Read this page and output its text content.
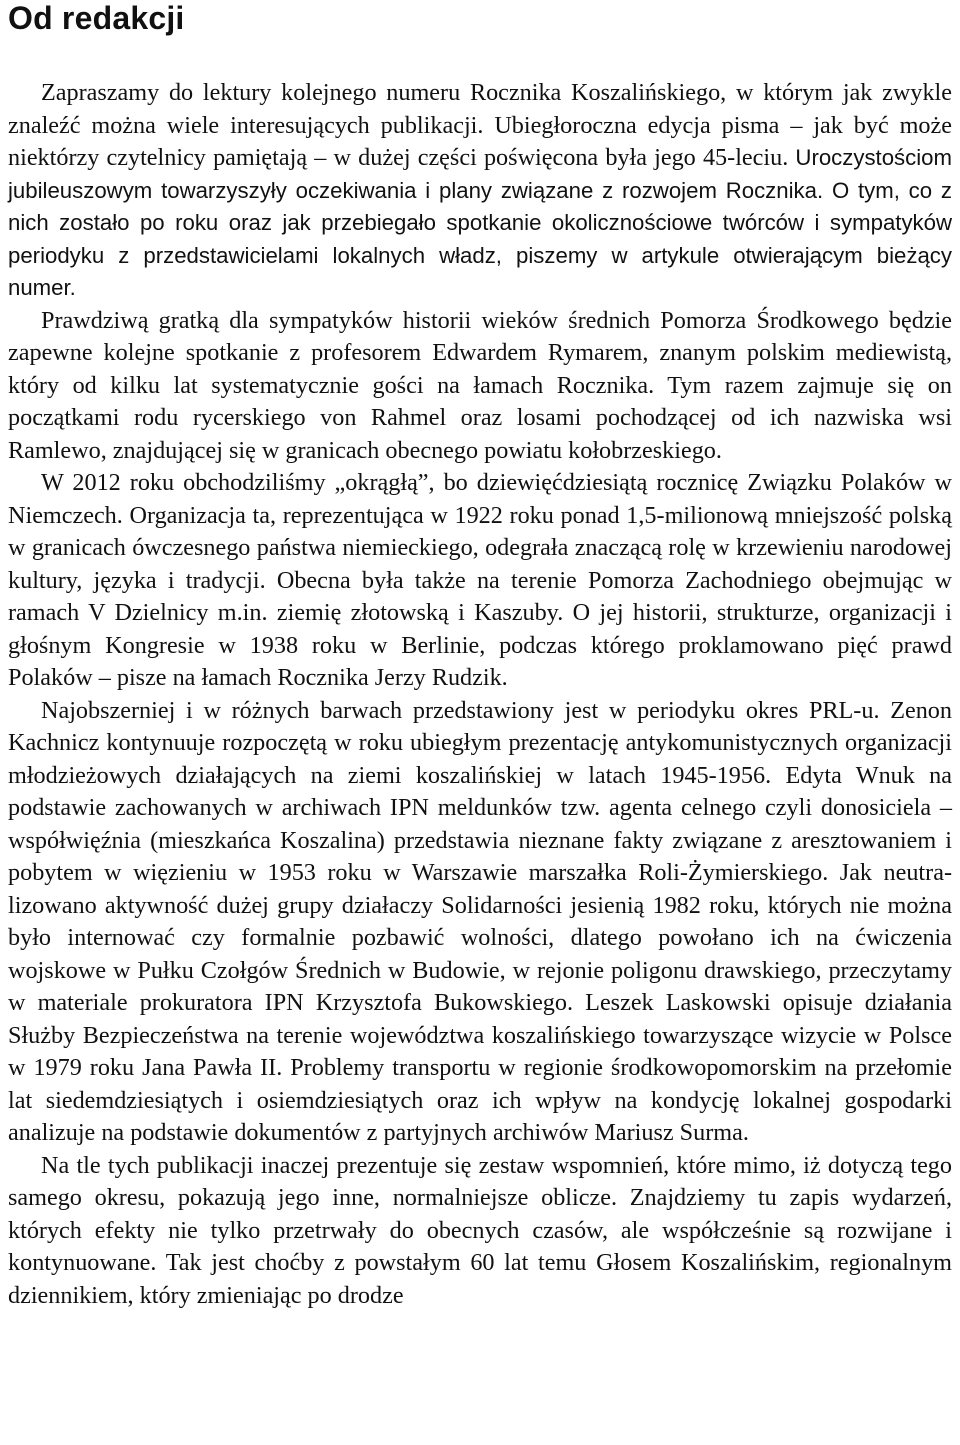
Od redakcji

Zapraszamy do lektury kolejnego numeru Rocznika Koszalińskiego, w którym jak zwykle znaleźć można wiele interesujących publikacji. Ubiegłoroczna edycja pisma – jak być może niektórzy czytelnicy pamiętają – w dużej części poświęcona była jego 45-leciu. Uroczystościom jubileuszowym towarzyszyły oczekiwania i plany związane z rozwojem Rocznika. O tym, co z nich zostało po roku oraz jak przebiegało spotkanie okolicznościowe twórców i sympatyków periodyku z przedstawicielami lokalnych władz, piszemy w artykule otwierającym bieżący numer.

Prawdziwą gratką dla sympatyków historii wieków średnich Pomorza Środkowego będzie zapewne kolejne spotkanie z profesorem Edwardem Rymarem, znanym polskim mediewistą, który od kilku lat systematycznie gości na łamach Rocznika. Tym razem zajmuje się on początkami rodu rycerskiego von Rahmel oraz losami pochodzącej od ich nazwiska wsi Ramlewo, znajdującej się w granicach obecnego powiatu kołobrzeskiego.

W 2012 roku obchodziliśmy „okrągłą”, bo dziewięćdziesiątą rocznicę Związku Polaków w Niemczech. Organizacja ta, reprezentująca w 1922 roku ponad 1,5-milionową mniejszość polską w granicach ówczesnego państwa niemieckiego, odegrała znaczącą rolę w krzewieniu narodowej kultury, języka i tradycji. Obecna była także na terenie Pomorza Zachodniego obejmując w ramach V Dzielnicy m.in. ziemię złotowską i Kaszuby. O jej historii, strukturze, organizacji i głośnym Kongresie w 1938 roku w Berlinie, podczas którego proklamowano pięć prawd Polaków – pisze na łamach Rocznika Jerzy Rudzik.

Najobszerniej i w różnych barwach przedstawiony jest w periodyku okres PRL-u. Zenon Kachnicz kontynuuje rozpoczętą w roku ubiegłym prezentację antykomunistycznych organizacji młodzieżowych działających na ziemi koszalińskiej w latach 1945-1956. Edyta Wnuk na podstawie zachowanych w archiwach IPN meldunków tzw. agenta celnego czyli donosiciela – współwięźnia (mieszkańca Koszalina) przedstawia nieznane fakty związane z aresztowaniem i pobytem w więzieniu w 1953 roku w Warszawie marszałka Roli-Żymierskiego. Jak neutralizowano aktywność dużej grupy działaczy Solidarności jesienią 1982 roku, których nie można było internować czy formalnie pozbawić wolności, dlatego powołano ich na ćwiczenia wojskowe w Pułku Czołgów Średnich w Budowie, w rejonie poligonu drawskiego, przeczytamy w materiale prokuratora IPN Krzysztofa Bukowskiego. Leszek Laskowski opisuje działania Służby Bezpieczeństwa na terenie województwa koszalińskiego towarzyszące wizycie w Polsce w 1979 roku Jana Pawła II. Problemy transportu w regionie środkowopomorskim na przełomie lat siedemdziesiątych i osiemdziesiątych oraz ich wpływ na kondycję lokalnej gospodarki analizuje na podstawie dokumentów z partyjnych archiwów Mariusz Surma.

Na tle tych publikacji inaczej prezentuje się zestaw wspomnień, które mimo, iż dotyczą tego samego okresu, pokazują jego inne, normalniejsze oblicze. Znajdziemy tu zapis wydarzeń, których efekty nie tylko przetrwały do obecnych czasów, ale współcześnie są rozwijane i kontynuowane. Tak jest choćby z powstałym 60 lat temu Głosem Koszalińskim, regionalnym dziennikiem, który zmieniając po drodze
